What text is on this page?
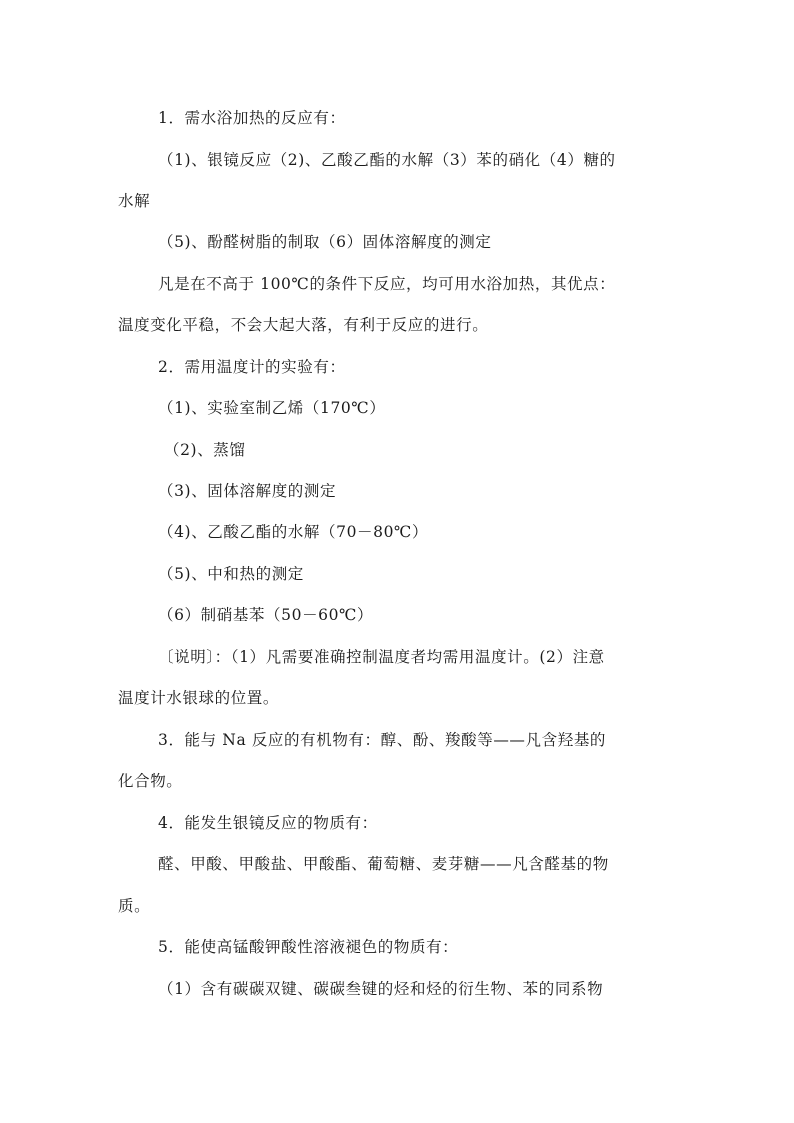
1．需水浴加热的反应有：
（1)、银镜反应（2)、乙酸乙酯的水解（3）苯的硝化（4）糖的
水解
（5)、酚醛树脂的制取（6）固体溶解度的测定
凡是在不高于 100℃的条件下反应，均可用水浴加热，其优点：
温度变化平稳，不会大起大落，有利于反应的进行。
2．需用温度计的实验有：
（1)、实验室制乙烯（170℃）
（2)、蒸馏
（3)、固体溶解度的测定
（4)、乙酸乙酯的水解（70－80℃）
（5)、中和热的测定
（6）制硝基苯（50－60℃）
〔说明〕：（1）凡需要准确控制温度者均需用温度计。(2）注意
温度计水银球的位置。
3．能与 Na 反应的有机物有：醇、酚、羧酸等——凡含羟基的
化合物。
4．能发生银镜反应的物质有：
醛、甲酸、甲酸盐、甲酸酯、葡萄糖、麦芽糖——凡含醛基的物
质。
5．能使高锰酸钾酸性溶液褪色的物质有：
（1）含有碳碳双键、碳碳叁键的烃和烃的衍生物、苯的同系物
